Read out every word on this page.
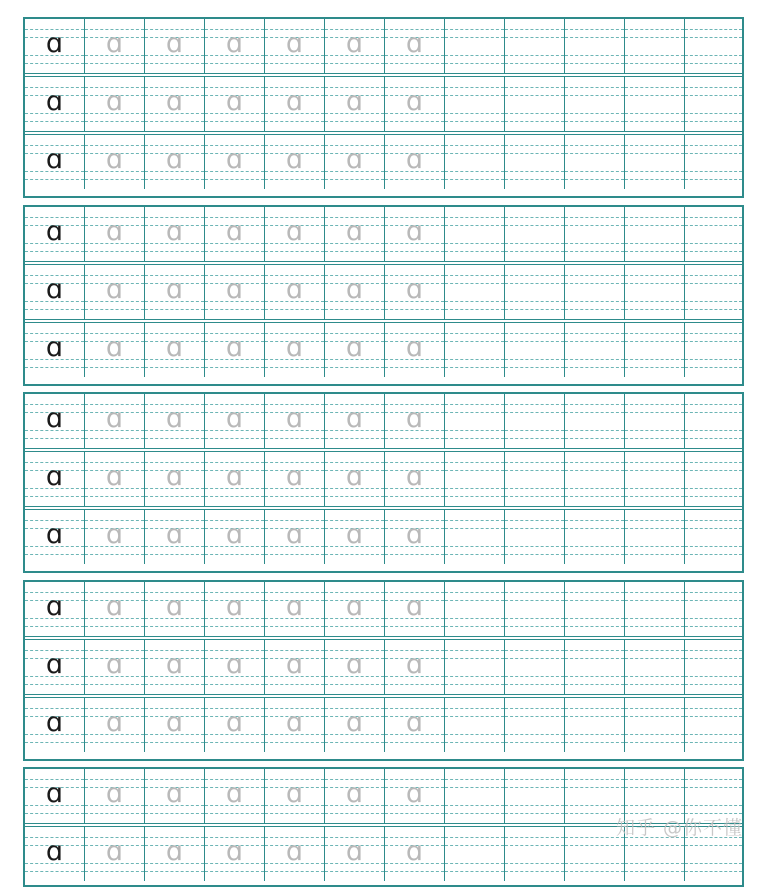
ɑ	ɑ	ɑ	ɑ	ɑ	ɑ	ɑ
ɑ	ɑ	ɑ	ɑ	ɑ	ɑ	ɑ
ɑ	ɑ	ɑ	ɑ	ɑ	ɑ	ɑ
ɑ	ɑ	ɑ	ɑ	ɑ	ɑ	ɑ
ɑ	ɑ	ɑ	ɑ	ɑ	ɑ	ɑ
ɑ	ɑ	ɑ	ɑ	ɑ	ɑ	ɑ
ɑ	ɑ	ɑ	ɑ	ɑ	ɑ	ɑ
ɑ	ɑ	ɑ	ɑ	ɑ	ɑ	ɑ
ɑ	ɑ	ɑ	ɑ	ɑ	ɑ	ɑ
ɑ	ɑ	ɑ	ɑ	ɑ	ɑ	ɑ
ɑ	ɑ	ɑ	ɑ	ɑ	ɑ	ɑ
ɑ	ɑ	ɑ	ɑ	ɑ	ɑ	ɑ
ɑ	ɑ	ɑ	ɑ	ɑ	ɑ	ɑ
ɑ	ɑ	ɑ	ɑ	ɑ	ɑ	ɑ
知乎 @你不懂
